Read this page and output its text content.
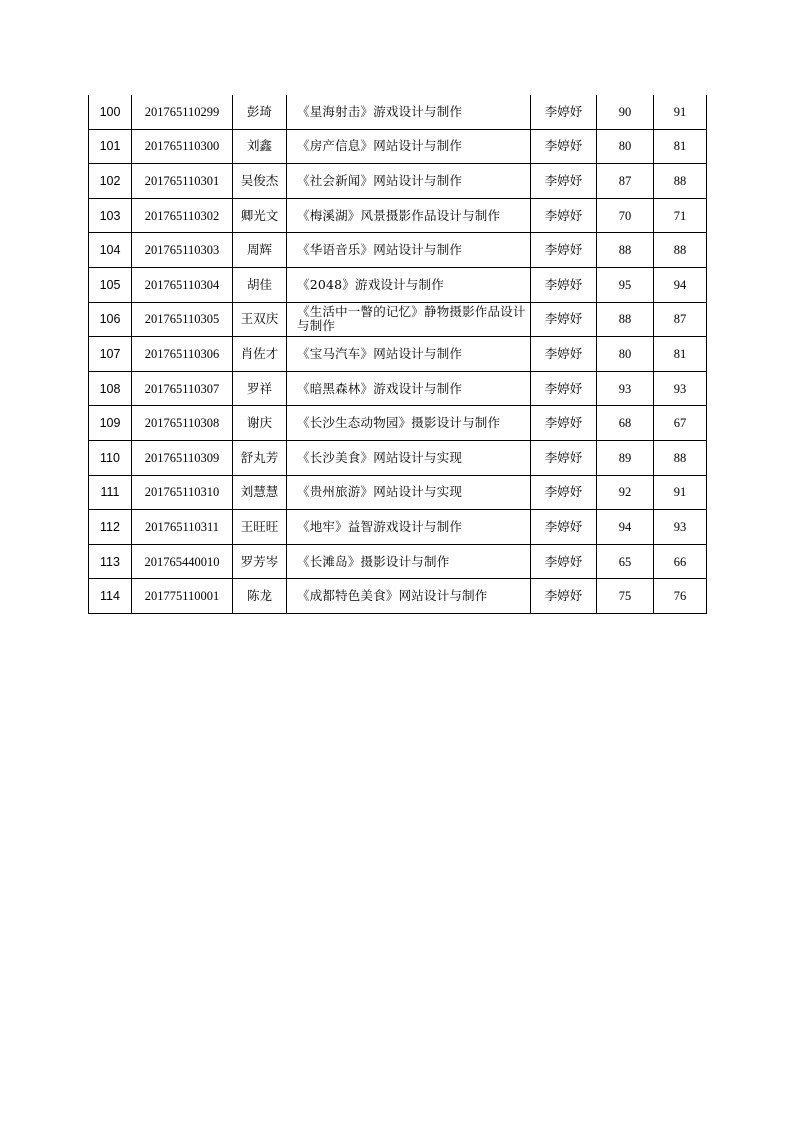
100	201765110299	彭琦	《星海射击》游戏设计与制作	李婷妤	90	91
101	201765110300	刘鑫	《房产信息》网站设计与制作	李婷妤	80	81
102	201765110301	吴俊杰	《社会新闻》网站设计与制作	李婷妤	87	88
103	201765110302	卿光文	《梅溪湖》风景摄影作品设计与制作	李婷妤	70	71
104	201765110303	周辉	《华语音乐》网站设计与制作	李婷妤	88	88
105	201765110304	胡佳	《2048》游戏设计与制作	李婷妤	95	94
106	201765110305	王双庆	《生活中一瞥的记忆》静物摄影作品设计与制作	李婷妤	88	87
107	201765110306	肖佐才	《宝马汽车》网站设计与制作	李婷妤	80	81
108	201765110307	罗祥	《暗黑森林》游戏设计与制作	李婷妤	93	93
109	201765110308	谢庆	《长沙生态动物园》摄影设计与制作	李婷妤	68	67
110	201765110309	舒丸芳	《长沙美食》网站设计与实现	李婷妤	89	88
111	201765110310	刘慧慧	《贵州旅游》网站设计与实现	李婷妤	92	91
112	201765110311	王旺旺	《地牢》益智游戏设计与制作	李婷妤	94	93
113	201765440010	罗芳岑	《长滩岛》摄影设计与制作	李婷妤	65	66
114	201775110001	陈龙	《成都特色美食》网站设计与制作	李婷妤	75	76
